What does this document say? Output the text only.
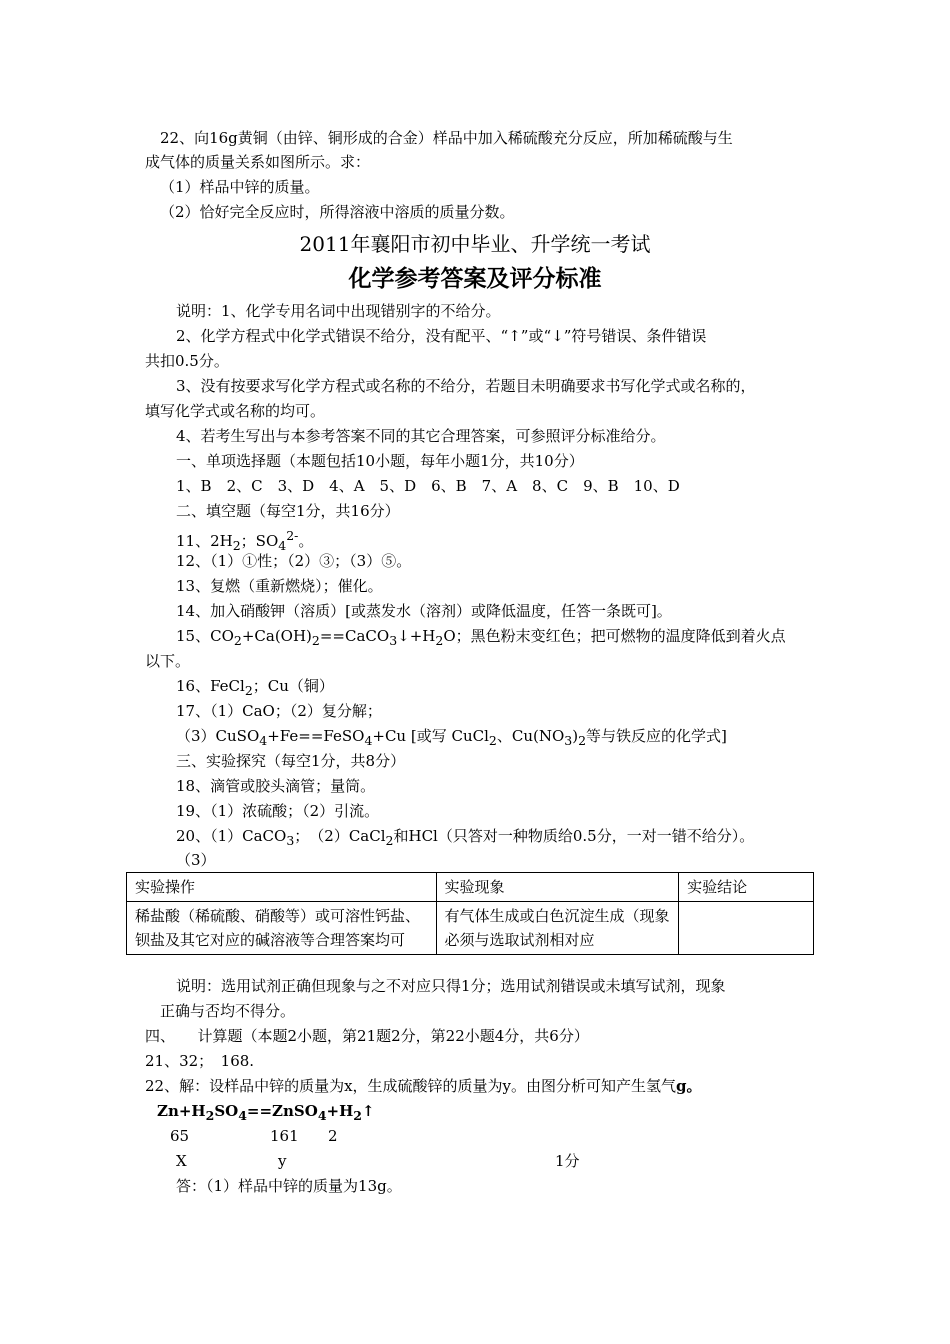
22、向16g黄铜（由锌、铜形成的合金）样品中加入稀硫酸充分反应，所加稀硫酸与生
成气体的质量关系如图所示。求：
（1）样品中锌的质量。
（2）恰好完全反应时，所得溶液中溶质的质量分数。
2011年襄阳市初中毕业、升学统一考试
化学参考答案及评分标准
说明：1、化学专用名词中出现错别字的不给分。
2、化学方程式中化学式错误不给分，没有配平、“↑”或“↓”符号错误、条件错误
共扣0.5分。
3、没有按要求写化学方程式或名称的不给分，若题目未明确要求书写化学式或名称的，
填写化学式或名称的均可。
4、若考生写出与本参考答案不同的其它合理答案，可参照评分标准给分。
一、单项选择题（本题包括10小题，每年小题1分，共10分）
1、B　2、C　3、D　4、A　5、D　6、B　7、A　8、C　9、B　10、D
二、填空题（每空1分，共16分）
11、$2H_2$；$SO_4^{2-}$。
12、（1）①性；（2）③；（3）⑤。
13、复燃（重新燃烧）；催化。
14、加入硝酸钾（溶质）[或蒸发水（溶剂）或降低温度，任答一条既可]。
15、$CO_2+Ca(OH)_2==CaCO_3↓+H_2O$；黑色粉末变红色；把可燃物的温度降低到着火点
以下。
16、FeCl$_2$；Cu（铜）
17、（1）CaO；（2）复分解；
（3）CuSO$_4$+Fe==FeSO$_4$+Cu [或写 CuCl$_2$、$Cu(NO_3)_2$等与铁反应的化学式]
三、实验探究（每空1分，共8分）
18、滴管或胶头滴管；量筒。
19、（1）浓硫酸；（2）引流。
20、（1）CaCO$_3$；　（2）CaCl$_2$和HCl（只答对一种物质给0.5分，一对一错不给分）。
（3）
实验操作	实验现象	实验结论
稀盐酸（稀硫酸、硝酸等）或可溶性钙盐、钡盐及其它对应的碱溶液等合理答案均可	有气体生成或白色沉淀生成（现象必须与选取试剂相对应	
说明：选用试剂正确但现象与之不对应只得1分；选用试剂错误或未填写试剂，现象
正确与否均不得分。
四、　　计算题（本题2小题，第21题2分，第22小题4分，共6分）
21、32；　168.
22、解：设样品中锌的质量为x，生成硫酸锌的质量为y。由图分析可知产生氢气g。
$Zn+H_2SO_4==ZnSO_4+H_2↑$
65	161 2
X	y	1分
答：（1）样品中锌的质量为13g。
